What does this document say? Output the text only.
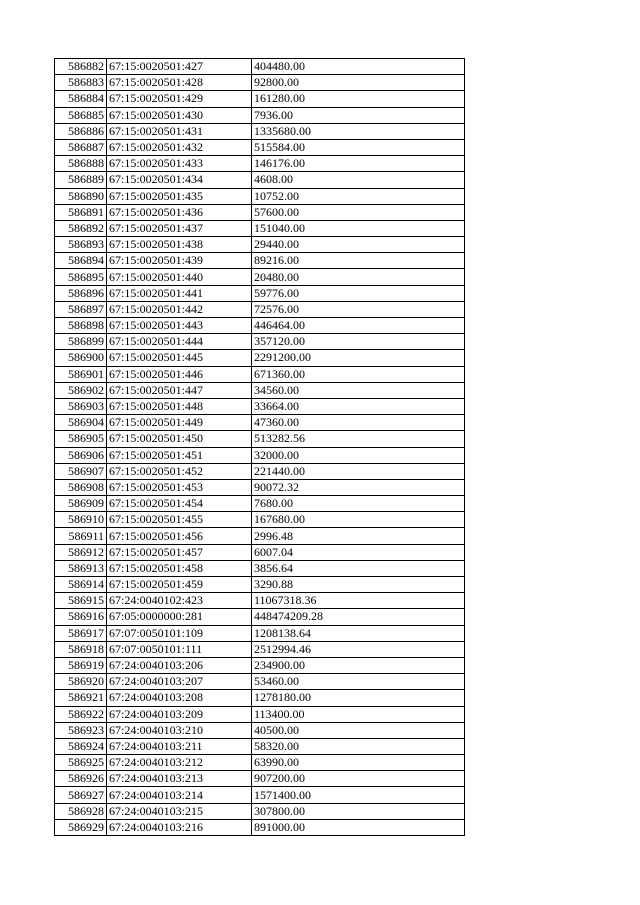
586882	67:15:0020501:427	404480.00
586883	67:15:0020501:428	92800.00
586884	67:15:0020501:429	161280.00
586885	67:15:0020501:430	7936.00
586886	67:15:0020501:431	1335680.00
586887	67:15:0020501:432	515584.00
586888	67:15:0020501:433	146176.00
586889	67:15:0020501:434	4608.00
586890	67:15:0020501:435	10752.00
586891	67:15:0020501:436	57600.00
586892	67:15:0020501:437	151040.00
586893	67:15:0020501:438	29440.00
586894	67:15:0020501:439	89216.00
586895	67:15:0020501:440	20480.00
586896	67:15:0020501:441	59776.00
586897	67:15:0020501:442	72576.00
586898	67:15:0020501:443	446464.00
586899	67:15:0020501:444	357120.00
586900	67:15:0020501:445	2291200.00
586901	67:15:0020501:446	671360.00
586902	67:15:0020501:447	34560.00
586903	67:15:0020501:448	33664.00
586904	67:15:0020501:449	47360.00
586905	67:15:0020501:450	513282.56
586906	67:15:0020501:451	32000.00
586907	67:15:0020501:452	221440.00
586908	67:15:0020501:453	90072.32
586909	67:15:0020501:454	7680.00
586910	67:15:0020501:455	167680.00
586911	67:15:0020501:456	2996.48
586912	67:15:0020501:457	6007.04
586913	67:15:0020501:458	3856.64
586914	67:15:0020501:459	3290.88
586915	67:24:0040102:423	11067318.36
586916	67:05:0000000:281	448474209.28
586917	67:07:0050101:109	1208138.64
586918	67:07:0050101:111	2512994.46
586919	67:24:0040103:206	234900.00
586920	67:24:0040103:207	53460.00
586921	67:24:0040103:208	1278180.00
586922	67:24:0040103:209	113400.00
586923	67:24:0040103:210	40500.00
586924	67:24:0040103:211	58320.00
586925	67:24:0040103:212	63990.00
586926	67:24:0040103:213	907200.00
586927	67:24:0040103:214	1571400.00
586928	67:24:0040103:215	307800.00
586929	67:24:0040103:216	891000.00
